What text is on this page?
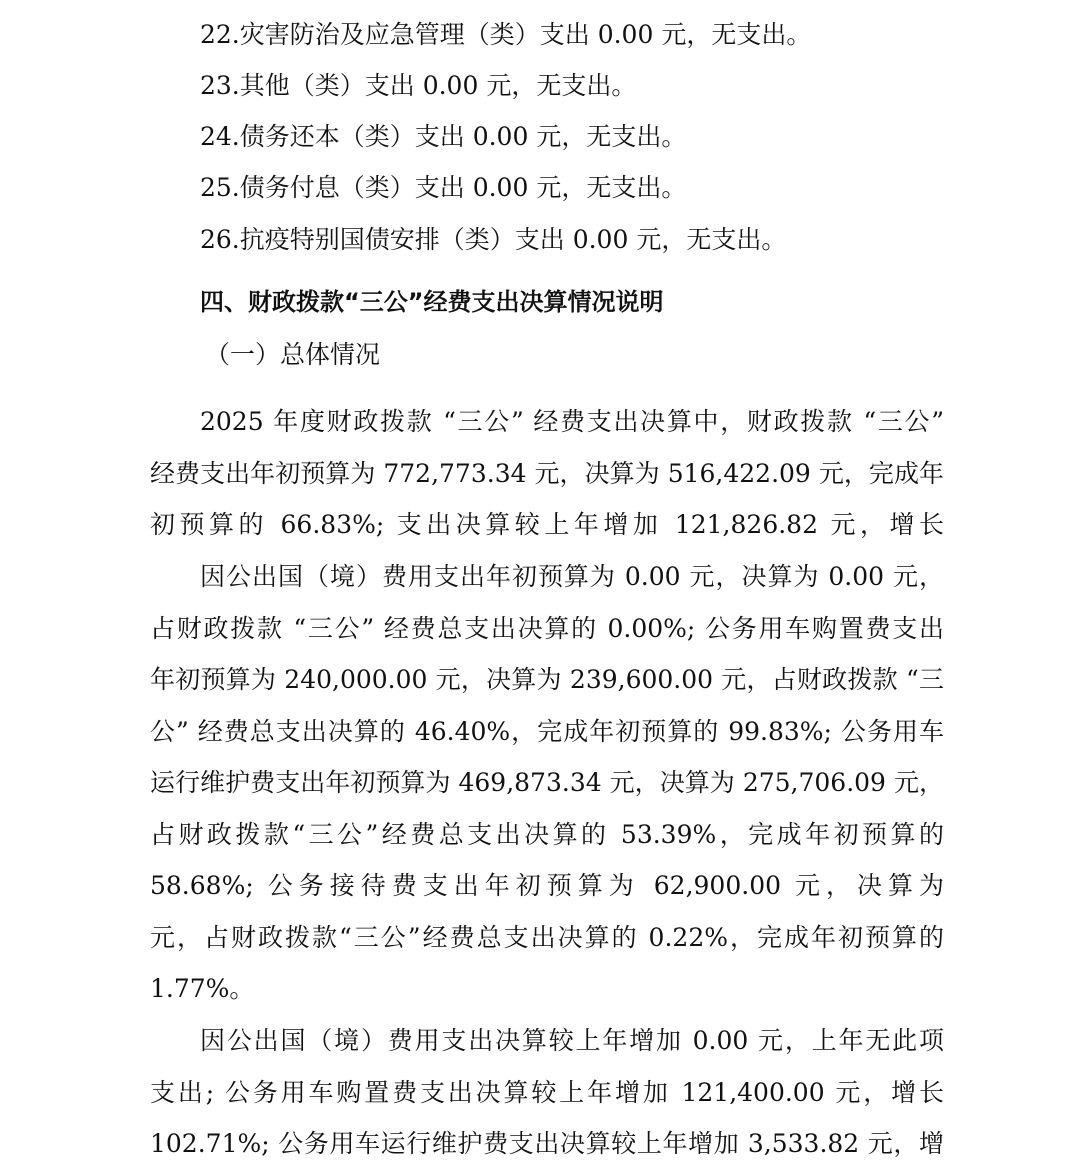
22.灾害防治及应急管理（类）支出 0.00 元，无支出。
23.其他（类）支出 0.00 元，无支出。
24.债务还本（类）支出 0.00 元，无支出。
25.债务付息（类）支出 0.00 元，无支出。
26.抗疫特别国债安排（类）支出 0.00 元，无支出。
四、财政拨款“三公”经费支出决算情况说明
（一）总体情况
2025 年度财政拨款 “三公” 经费支出决算中，财政拨款 “三公”
经费支出年初预算为 772,773.34 元，决算为 516,422.09 元，完成年
初预算的 66.83%; 支出决算较上年增加 121,826.82 元，增长
因公出国（境）费用支出年初预算为 0.00 元，决算为 0.00 元，
占财政拨款 “三公” 经费总支出决算的 0.00%; 公务用车购置费支出
年初预算为 240,000.00 元，决算为 239,600.00 元，占财政拨款 “三
公” 经费总支出决算的 46.40%，完成年初预算的 99.83%; 公务用车
运行维护费支出年初预算为 469,873.34 元，决算为 275,706.09 元，
占财政拨款“三公”经费总支出决算的 53.39%，完成年初预算的
58.68%; 公务接待费支出年初预算为 62,900.00 元，决算为
元，占财政拨款“三公”经费总支出决算的 0.22%，完成年初预算的
1.77%。
因公出国（境）费用支出决算较上年增加 0.00 元，上年无此项
支出; 公务用车购置费支出决算较上年增加 121,400.00 元，增长
102.71%; 公务用车运行维护费支出决算较上年增加 3,533.82 元，增
